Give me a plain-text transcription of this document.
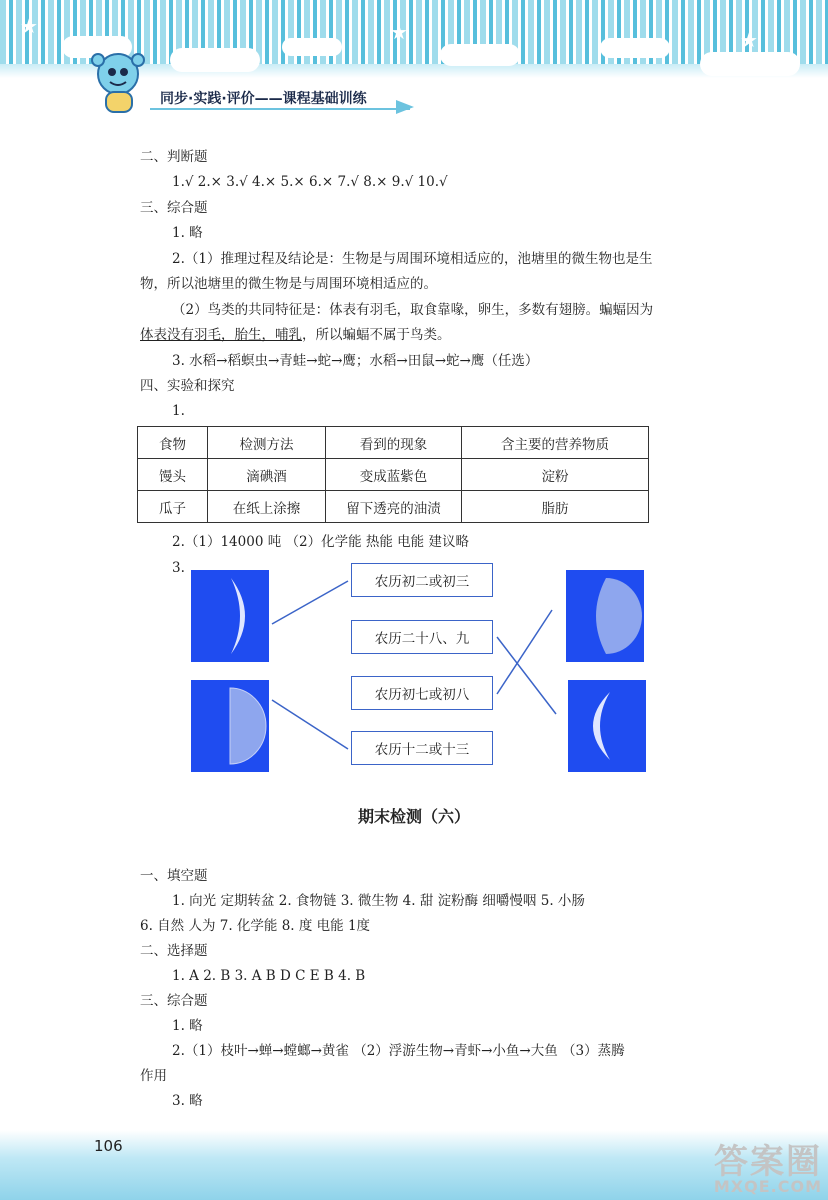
★	★	★
同步·实践·评价——课程基础训练
二、判断题
1.√ 2.× 3.√ 4.× 5.× 6.× 7.√ 8.× 9.√ 10.√
三、综合题
1. 略
2.（1）推理过程及结论是：生物是与周围环境相适应的，池塘里的微生物也是生
物，所以池塘里的微生物是与周围环境相适应的。
（2）鸟类的共同特征是：体表有羽毛，取食靠喙，卵生，多数有翅膀。蝙蝠因为
体表没有羽毛，胎生，哺乳，所以蝙蝠不属于鸟类。
3. 水稻→稻螟虫→青蛙→蛇→鹰；水稻→田鼠→蛇→鹰（任选）
四、实验和探究
1.
食物	检测方法	看到的现象	含主要的营养物质
馒头	滴碘酒	变成蓝紫色	淀粉
瓜子	在纸上涂擦	留下透亮的油渍	脂肪
2.（1）14000 吨 （2）化学能 热能 电能 建议略
3.
农历初二或初三
农历二十八、九
农历初七或初八
农历十二或十三
期末检测（六）
一、填空题
1. 向光 定期转盆 2. 食物链 3. 微生物 4. 甜 淀粉酶 细嚼慢咽 5. 小肠
6. 自然 人为 7. 化学能 8. 度 电能 1度
二、选择题
1. A 2. B 3. A B D C E B 4. B
三、综合题
1. 略
2.（1）枝叶→蝉→螳螂→黄雀 （2）浮游生物→青虾→小鱼→大鱼 （3）蒸腾
作用
3. 略
106	答案圈
MXQE.COM
